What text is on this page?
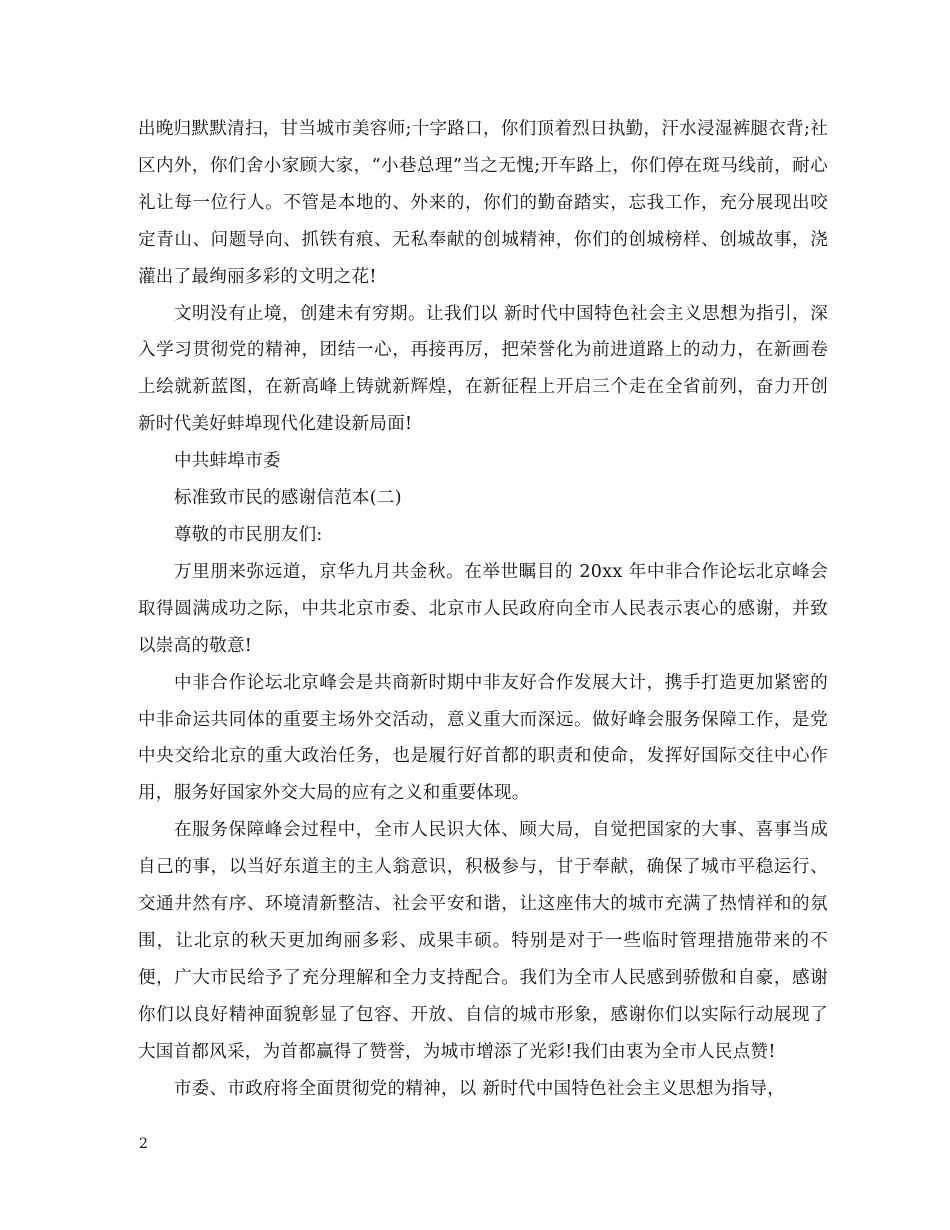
出晚归默默清扫，甘当城市美容师;十字路口，你们顶着烈日执勤，汗水浸湿裤腿衣背;社区内外，你们舍小家顾大家，“小巷总理”当之无愧;开车路上，你们停在斑马线前，耐心礼让每一位行人。不管是本地的、外来的，你们的勤奋踏实，忘我工作，充分展现出咬定青山、问题导向、抓铁有痕、无私奉献的创城精神，你们的创城榜样、创城故事，浇灌出了最绚丽多彩的文明之花!

文明没有止境，创建未有穷期。让我们以 新时代中国特色社会主义思想为指引，深入学习贯彻党的精神，团结一心，再接再厉，把荣誉化为前进道路上的动力，在新画卷上绘就新蓝图，在新高峰上铸就新辉煌，在新征程上开启三个走在全省前列，奋力开创新时代美好蚌埠现代化建设新局面!

中共蚌埠市委

标准致市民的感谢信范本(二)

尊敬的市民朋友们:

万里朋来弥远道，京华九月共金秋。在举世瞩目的 20xx 年中非合作论坛北京峰会取得圆满成功之际，中共北京市委、北京市人民政府向全市人民表示衷心的感谢，并致以崇高的敬意!

中非合作论坛北京峰会是共商新时期中非友好合作发展大计，携手打造更加紧密的中非命运共同体的重要主场外交活动，意义重大而深远。做好峰会服务保障工作，是党中央交给北京的重大政治任务，也是履行好首都的职责和使命，发挥好国际交往中心作用，服务好国家外交大局的应有之义和重要体现。

在服务保障峰会过程中，全市人民识大体、顾大局，自觉把国家的大事、喜事当成自己的事，以当好东道主的主人翁意识，积极参与，甘于奉献，确保了城市平稳运行、交通井然有序、环境清新整洁、社会平安和谐，让这座伟大的城市充满了热情祥和的氛围，让北京的秋天更加绚丽多彩、成果丰硕。特别是对于一些临时管理措施带来的不便，广大市民给予了充分理解和全力支持配合。我们为全市人民感到骄傲和自豪，感谢你们以良好精神面貌彰显了包容、开放、自信的城市形象，感谢你们以实际行动展现了大国首都风采，为首都赢得了赞誉，为城市增添了光彩!我们由衷为全市人民点赞!

市委、市政府将全面贯彻党的精神，以 新时代中国特色社会主义思想为指导，

2
